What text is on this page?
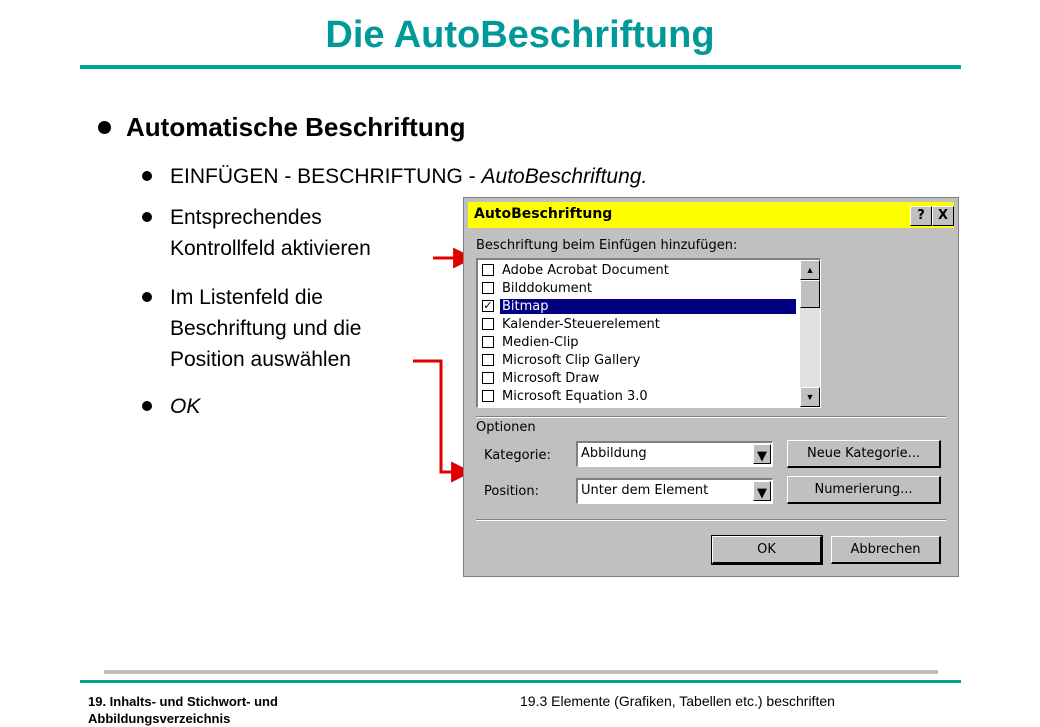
Die AutoBeschriftung
Automatische Beschriftung
EINFÜGEN - BESCHRIFTUNG - AutoBeschriftung.
Entsprechendes
Kontrollfeld aktivieren
Im Listenfeld die
Beschriftung und die
Position auswählen
OK
AutoBeschriftung	?	X
Beschriftung beim Einfügen hinzufügen:
Adobe Acrobat Document
Bilddokument
✓ Bitmap
Kalender-Steuerelement
Medien-Clip
Microsoft Clip Gallery
Microsoft Draw
Microsoft Equation 3.0
▲
▼
Optionen
Kategorie: Abbildung	▼	Neue Kategorie...
Position:	Unter dem Element	▼	Numerierung...
OK	Abbrechen
19. Inhalts- und Stichwort- und
Abbildungsverzeichnis
19.3 Elemente (Grafiken, Tabellen etc.) beschriften
